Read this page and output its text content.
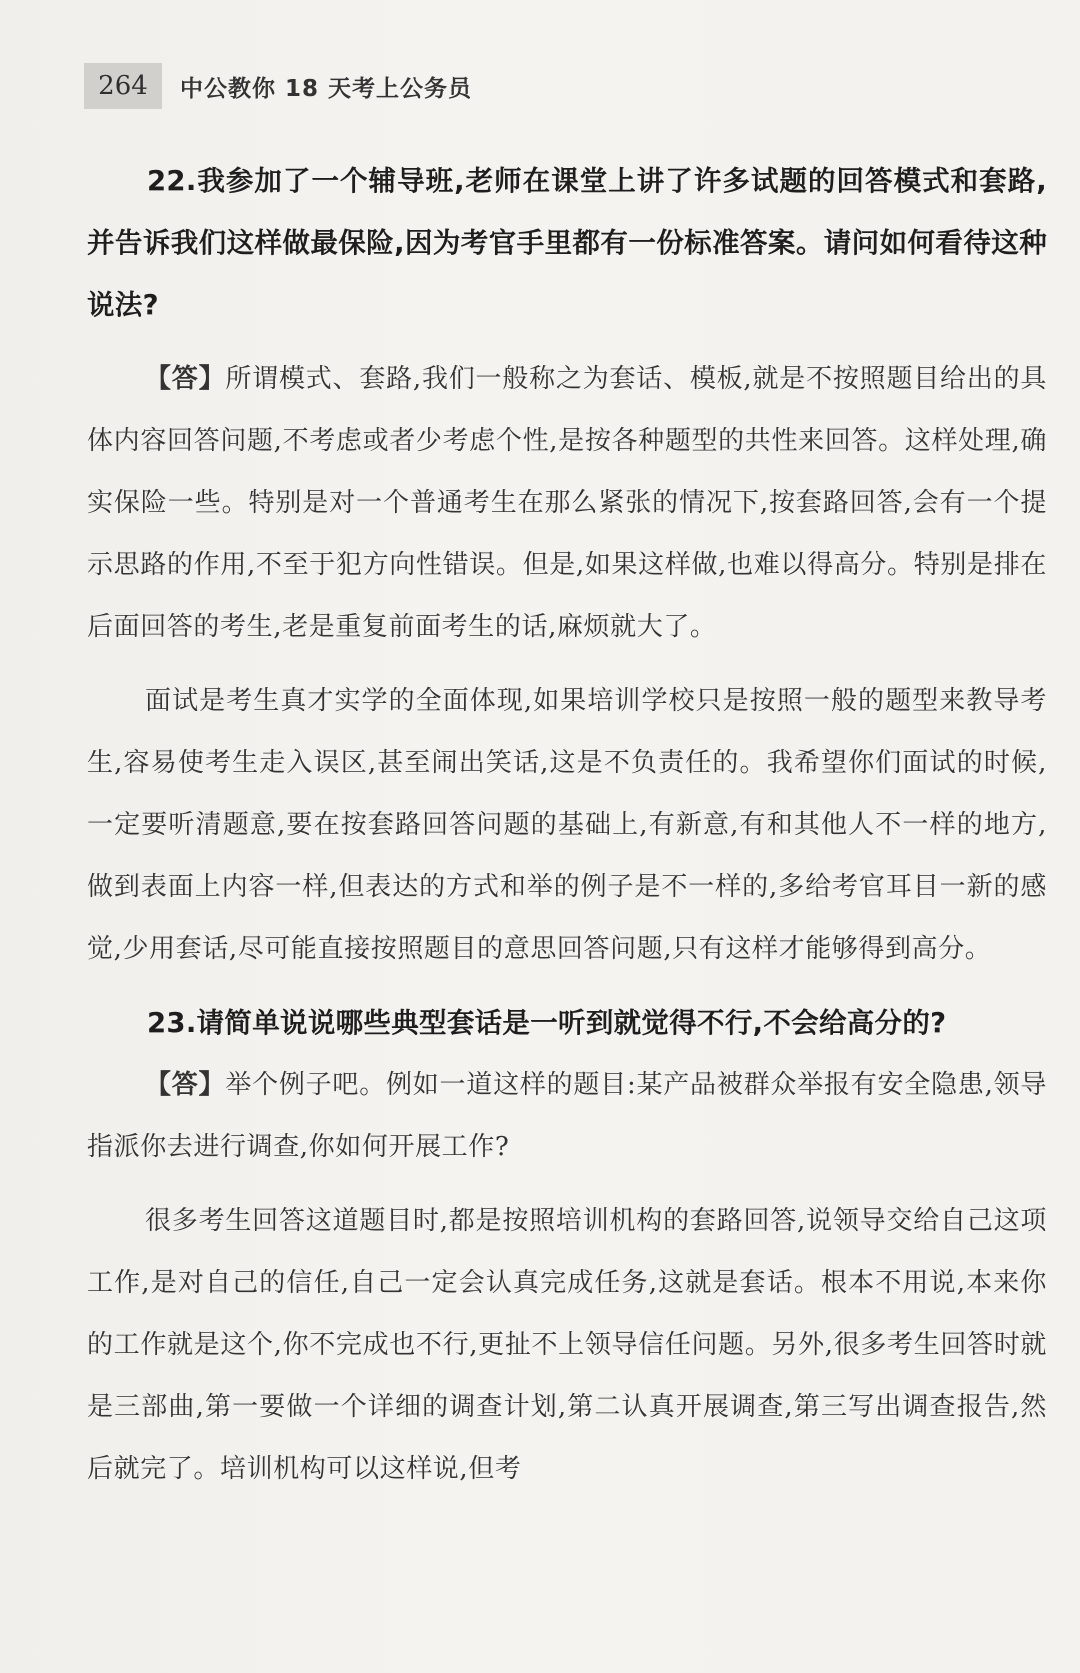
264	中公教你 18 天考上公务员

22.我参加了一个辅导班,老师在课堂上讲了许多试题的回答模式和套路,并告诉我们这样做最保险,因为考官手里都有一份标准答案。请问如何看待这种说法?

【答】所谓模式、套路,我们一般称之为套话、模板,就是不按照题目给出的具体内容回答问题,不考虑或者少考虑个性,是按各种题型的共性来回答。这样处理,确实保险一些。特别是对一个普通考生在那么紧张的情况下,按套路回答,会有一个提示思路的作用,不至于犯方向性错误。但是,如果这样做,也难以得高分。特别是排在后面回答的考生,老是重复前面考生的话,麻烦就大了。

面试是考生真才实学的全面体现,如果培训学校只是按照一般的题型来教导考生,容易使考生走入误区,甚至闹出笑话,这是不负责任的。我希望你们面试的时候,一定要听清题意,要在按套路回答问题的基础上,有新意,有和其他人不一样的地方,做到表面上内容一样,但表达的方式和举的例子是不一样的,多给考官耳目一新的感觉,少用套话,尽可能直接按照题目的意思回答问题,只有这样才能够得到高分。

23.请简单说说哪些典型套话是一听到就觉得不行,不会给高分的?

【答】举个例子吧。例如一道这样的题目:某产品被群众举报有安全隐患,领导指派你去进行调查,你如何开展工作?

很多考生回答这道题目时,都是按照培训机构的套路回答,说领导交给自己这项工作,是对自己的信任,自己一定会认真完成任务,这就是套话。根本不用说,本来你的工作就是这个,你不完成也不行,更扯不上领导信任问题。另外,很多考生回答时就是三部曲,第一要做一个详细的调查计划,第二认真开展调查,第三写出调查报告,然后就完了。培训机构可以这样说,但考
